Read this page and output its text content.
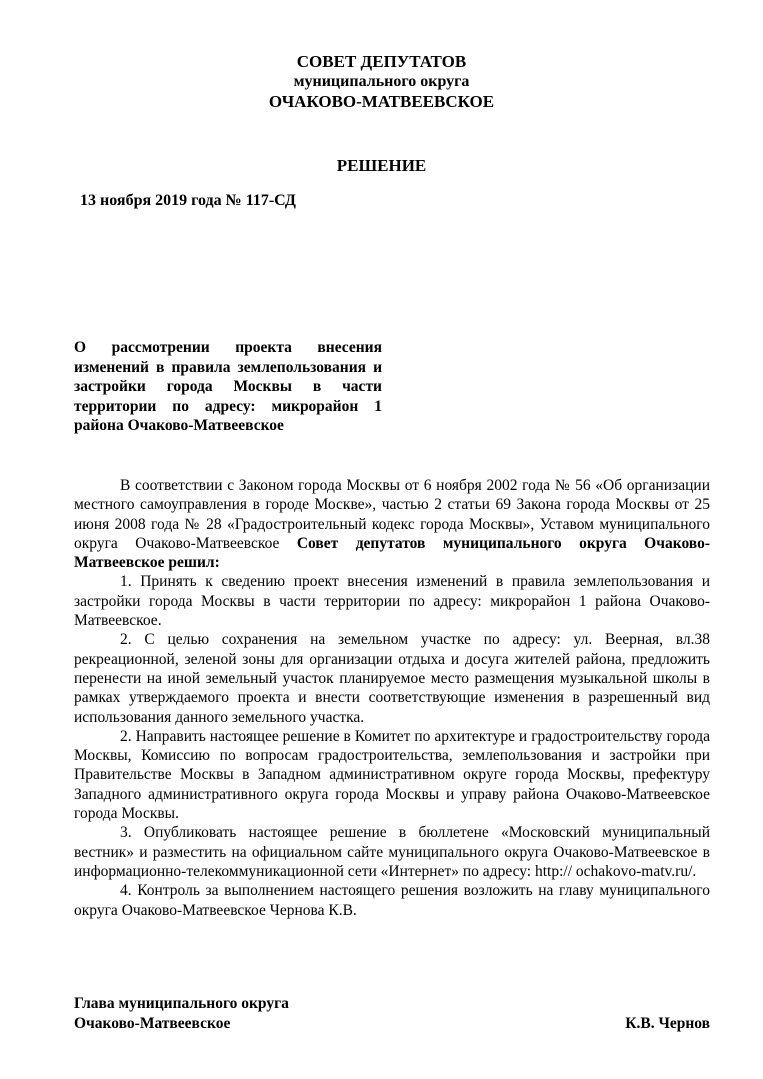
СОВЕТ ДЕПУТАТОВ
муниципального округа
ОЧАКОВО-МАТВЕЕВСКОЕ
РЕШЕНИЕ
13 ноября 2019 года № 117-СД
О рассмотрении проекта внесения изменений в правила землепользования и застройки города Москвы в части территории по адресу: микрорайон 1 района Очаково-Матвеевское

В соответствии с Законом города Москвы от 6 ноября 2002 года № 56 «Об организации местного самоуправления в городе Москве», частью 2 статьи 69 Закона города Москвы от 25 июня 2008 года № 28 «Градостроительный кодекс города Москвы», Уставом муниципального округа Очаково-Матвеевское Совет депутатов муниципального округа Очаково-Матвеевское решил:

1. Принять к сведению проект внесения изменений в правила землепользования и застройки города Москвы в части территории по адресу: микрорайон 1 района Очаково-Матвеевское.

2. С целью сохранения на земельном участке по адресу: ул. Веерная, вл.38 рекреационной, зеленой зоны для организации отдыха и досуга жителей района, предложить перенести на иной земельный участок планируемое место размещения музыкальной школы в рамках утверждаемого проекта и внести соответствующие изменения в разрешенный вид использования данного земельного участка.

2. Направить настоящее решение в Комитет по архитектуре и градостроительству города Москвы, Комиссию по вопросам градостроительства, землепользования и застройки при Правительстве Москвы в Западном административном округе города Москвы, префектуру Западного административного округа города Москвы и управу района Очаково-Матвеевское города Москвы.

3. Опубликовать настоящее решение в бюллетене «Московский муниципальный вестник» и разместить на официальном сайте муниципального округа Очаково-Матвеевское в информационно-телекоммуникационной сети «Интернет» по адресу: http:// ochakovo-matv.ru/.

4. Контроль за выполнением настоящего решения возложить на главу муниципального округа Очаково-Матвеевское Чернова К.В.

Глава муниципального округа
Очаково-Матвеевское	К.В. Чернов
